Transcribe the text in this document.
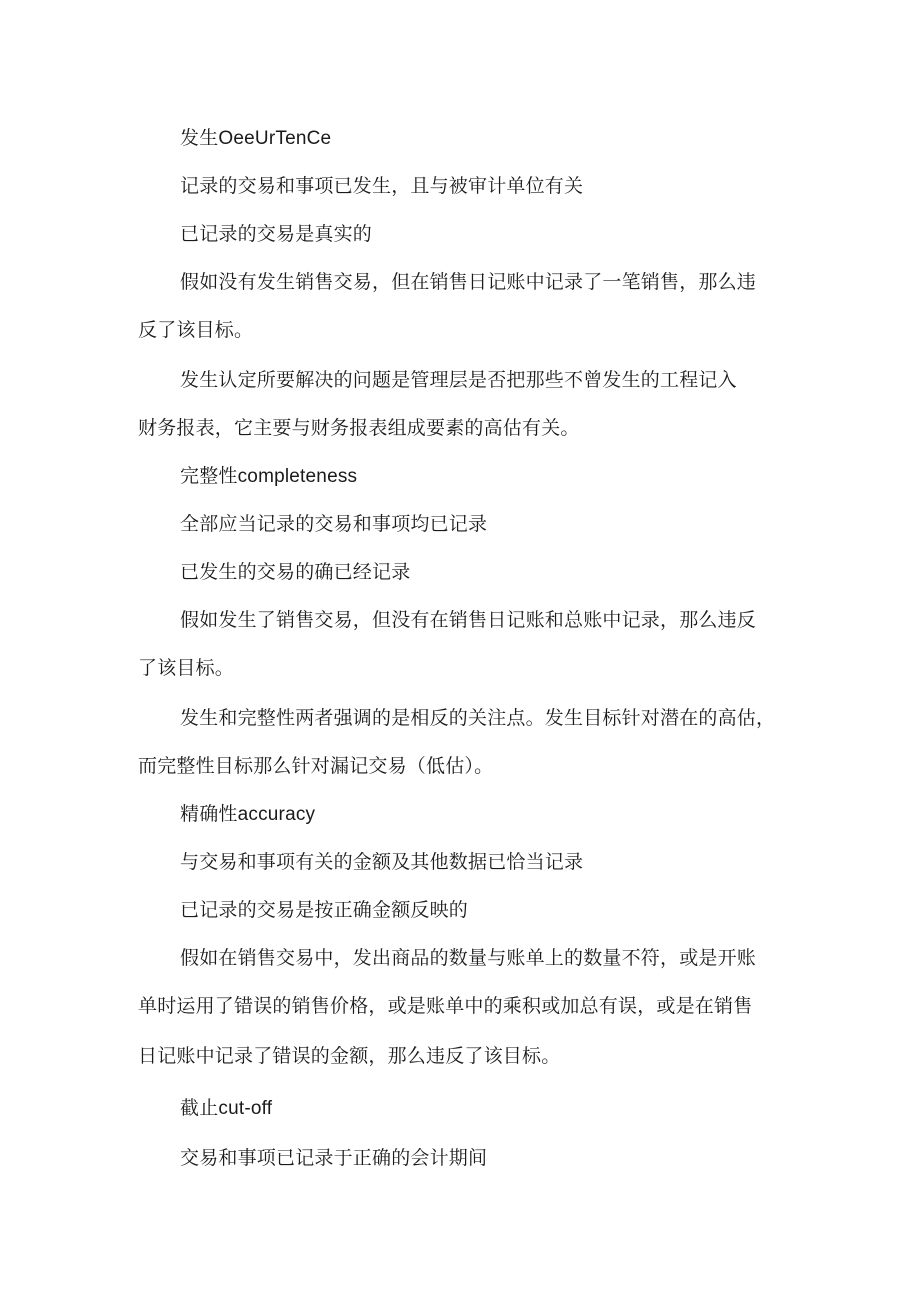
发生OeeUrTenCe
记录的交易和事项已发生，且与被审计单位有关
已记录的交易是真实的
假如没有发生销售交易，但在销售日记账中记录了一笔销售，那么违
反了该目标。
发生认定所要解决的问题是管理层是否把那些不曾发生的工程记入
财务报表，它主要与财务报表组成要素的高估有关。
完整性completeness
全部应当记录的交易和事项均已记录
已发生的交易的确已经记录
假如发生了销售交易，但没有在销售日记账和总账中记录，那么违反
了该目标。
发生和完整性两者强调的是相反的关注点。发生目标针对潜在的高估，
而完整性目标那么针对漏记交易（低估）。
精确性accuracy
与交易和事项有关的金额及其他数据已恰当记录
已记录的交易是按正确金额反映的
假如在销售交易中，发出商品的数量与账单上的数量不符，或是开账
单时运用了错误的销售价格，或是账单中的乘积或加总有误，或是在销售
日记账中记录了错误的金额，那么违反了该目标。
截止cut-off
交易和事项已记录于正确的会计期间
